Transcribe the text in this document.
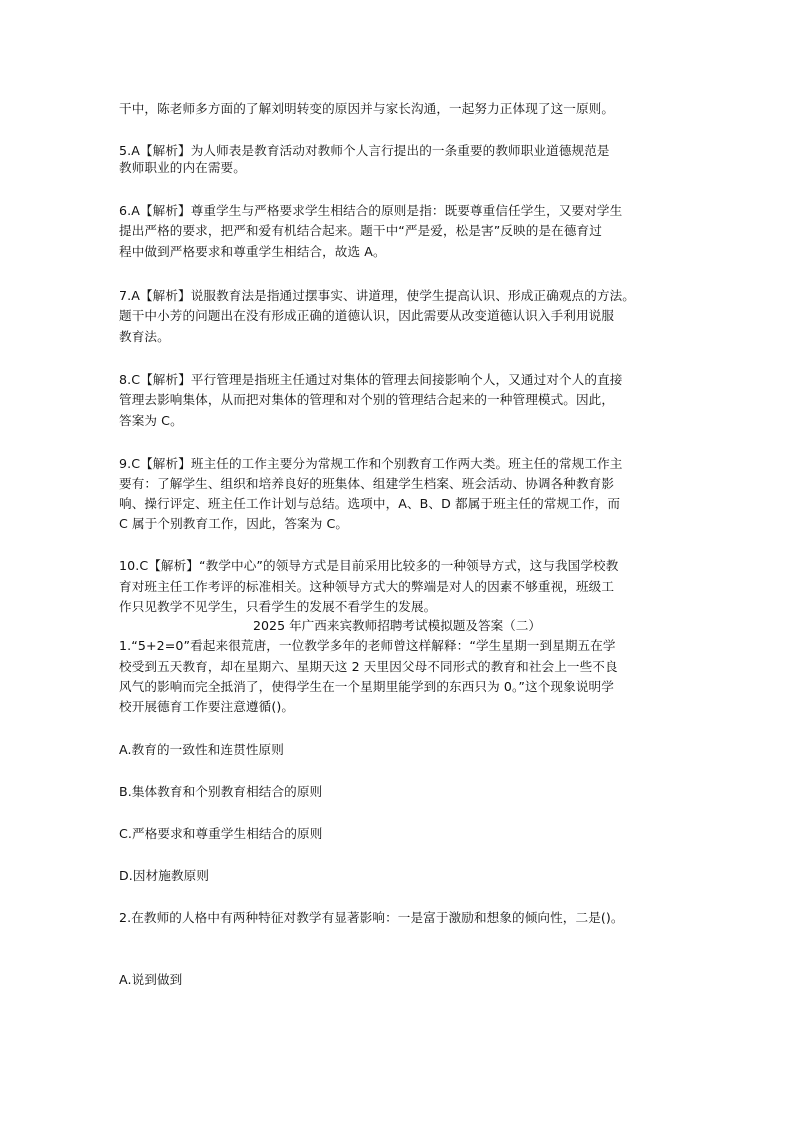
干中，陈老师多方面的了解刘明转变的原因并与家长沟通，一起努力正体现了这一原则。
5.A【解析】为人师表是教育活动对教师个人言行提出的一条重要的教师职业道德规范是
教师职业的内在需要。
6.A【解析】尊重学生与严格要求学生相结合的原则是指：既要尊重信任学生，又要对学生
提出严格的要求，把严和爱有机结合起来。题干中“严是爱，松是害”反映的是在德育过
程中做到严格要求和尊重学生相结合，故选 A。
7.A【解析】说服教育法是指通过摆事实、讲道理，使学生提高认识、形成正确观点的方法。
题干中小芳的问题出在没有形成正确的道德认识，因此需要从改变道德认识入手利用说服
教育法。
8.C【解析】平行管理是指班主任通过对集体的管理去间接影响个人，又通过对个人的直接
管理去影响集体，从而把对集体的管理和对个别的管理结合起来的一种管理模式。因此，
答案为 C。
9.C【解析】班主任的工作主要分为常规工作和个别教育工作两大类。班主任的常规工作主
要有：了解学生、组织和培养良好的班集体、组建学生档案、班会活动、协调各种教育影
响、操行评定、班主任工作计划与总结。选项中，A、B、D 都属于班主任的常规工作，而
C 属于个别教育工作，因此，答案为 C。
10.C【解析】“教学中心”的领导方式是目前采用比较多的一种领导方式，这与我国学校教
育对班主任工作考评的标准相关。这种领导方式大的弊端是对人的因素不够重视，班级工
作只见教学不见学生，只看学生的发展不看学生的发展。
2025 年广西来宾教师招聘考试模拟题及答案（二）
1.“5+2=0”看起来很荒唐，一位教学多年的老师曾这样解释：“学生星期一到星期五在学
校受到五天教育，却在星期六、星期天这 2 天里因父母不同形式的教育和社会上一些不良
风气的影响而完全抵消了，使得学生在一个星期里能学到的东西只为 0。”这个现象说明学
校开展德育工作要注意遵循()。
A.教育的一致性和连贯性原则
B.集体教育和个别教育相结合的原则
C.严格要求和尊重学生相结合的原则
D.因材施教原则
2.在教师的人格中有两种特征对教学有显著影响：一是富于激励和想象的倾向性，二是()。
A.说到做到
